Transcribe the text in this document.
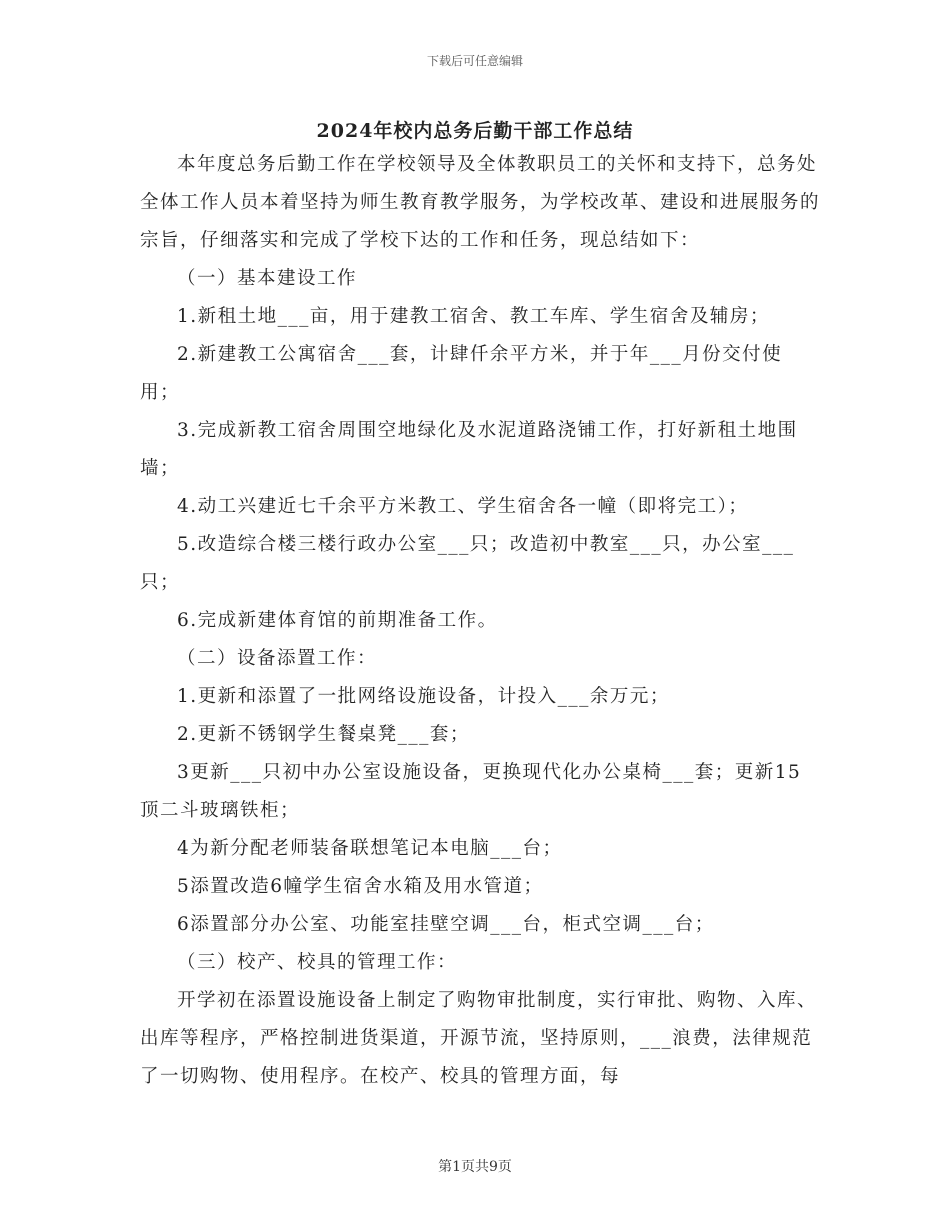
下载后可任意编辑
2024年校内总务后勤干部工作总结

本年度总务后勤工作在学校领导及全体教职员工的关怀和支持下，总务处全体工作人员本着坚持为师生教育教学服务，为学校改革、建设和进展服务的宗旨，仔细落实和完成了学校下达的工作和任务，现总结如下：

（一）基本建设工作

1.新租土地___亩，用于建教工宿舍、教工车库、学生宿舍及辅房；

2.新建教工公寓宿舍___套，计肆仟余平方米，并于年___月份交付使用；

3.完成新教工宿舍周围空地绿化及水泥道路浇铺工作，打好新租土地围墙；

4.动工兴建近七千余平方米教工、学生宿舍各一幢（即将完工）；

5.改造综合楼三楼行政办公室___只；改造初中教室___只，办公室___只；

6.完成新建体育馆的前期准备工作。

（二）设备添置工作：

1.更新和添置了一批网络设施设备，计投入___余万元；

2.更新不锈钢学生餐桌凳___套；

3更新___只初中办公室设施设备，更换现代化办公桌椅___套；更新15顶二斗玻璃铁柜；

4为新分配老师装备联想笔记本电脑___台；

5添置改造6幢学生宿舍水箱及用水管道；

6添置部分办公室、功能室挂壁空调___台，柜式空调___台；

（三）校产、校具的管理工作：

开学初在添置设施设备上制定了购物审批制度，实行审批、购物、入库、出库等程序，严格控制进货渠道，开源节流，坚持原则，___浪费，法律规范了一切购物、使用程序。在校产、校具的管理方面，每

第1页共9页
